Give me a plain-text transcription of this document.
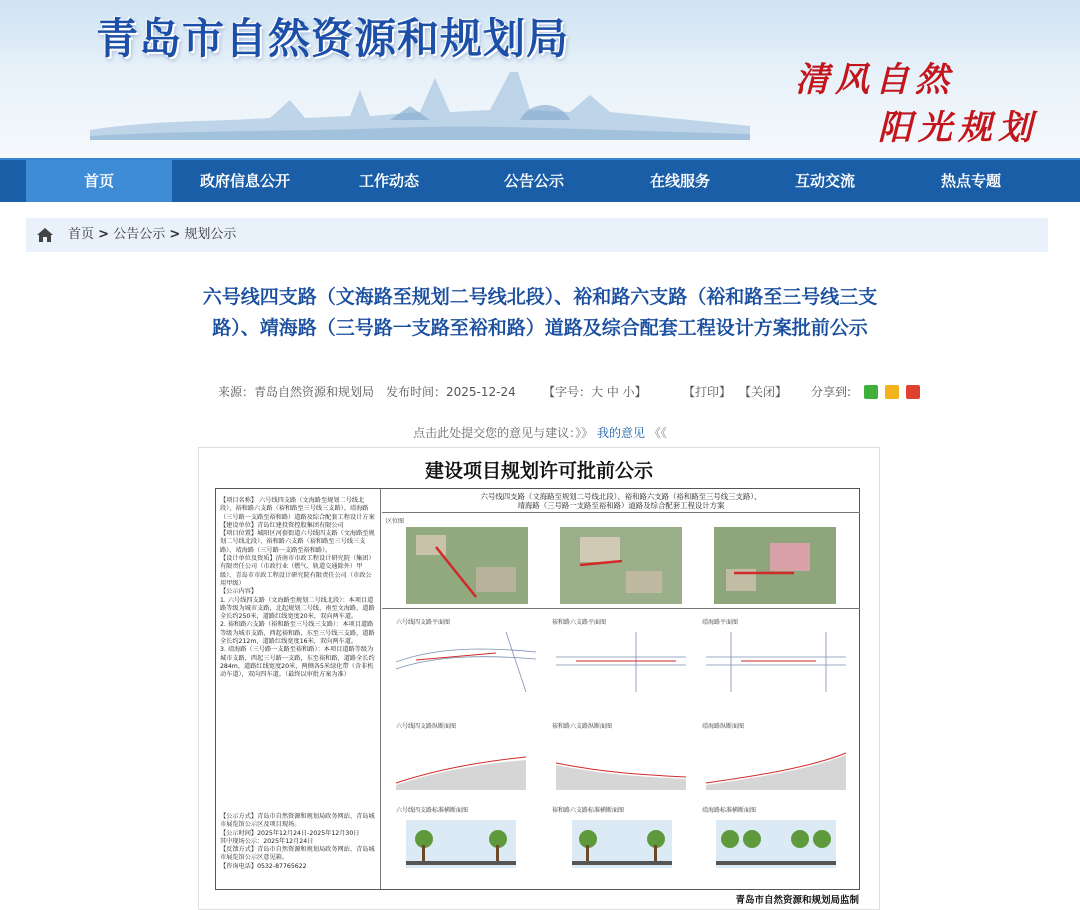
青岛市自然资源和规划局
清风自然
阳光规划
首页	政府信息公开	工作动态	公告公示	在线服务	互动交流	热点专题
首页 > 公告公示 > 规划公示
六号线四支路（文海路至规划二号线北段）、裕和路六支路（裕和路至三号线三支路）、靖海路（三号路一支路至裕和路）道路及综合配套工程设计方案批前公示
来源：青岛自然资源和规划局 发布时间：2025-12-24 【字号：大 中 小】	【打印】 【关闭】 分享到:

点击此处提交您的意见与建议：》》 我的意见 《《
建设项目规划许可批前公示
【项目名称】 六号线四支路（文海路至规划二号线北段）、裕和路六支路（裕和路至三号线三支路）、靖海路（三号路一支路至裕和路）道路及综合配套工程设计方案
【建设单位】青岛红建投资控股集团有限公司
【项目位置】城阳区河套街道六号线四支路（文海路至规划二号线北段）、裕和路六支路（裕和路至三号线三支路）、靖海路（三号路一支路至裕和路）。
【设计单位及资质】济南市市政工程设计研究院（集团）有限责任公司（市政行业（燃气、轨道交通除外）甲级）、青岛市市政工程设计研究院有限责任公司（市政公用甲级）
【公示内容】
1. 六号线四支路（文海路至规划二号线北段）：本项目道路等级为城市支路，北起规划二号线、南至文海路，道路全长约250米，道路红线宽度20米，双向两车道。
2. 裕和路六支路（裕和路至三号线三支路）：本项目道路等级为城市支路，西起裕和路，东至三号线三支路，道路全长约212m，道路红线宽度16米，双向两车道。
3. 靖海路（三号路一支路至裕和路）：本项目道路等级为城市支路，西起三号路一支路，东至裕和路，道路全长约284m，道路红线宽度20米，两侧各5米绿化带（含非机动车道），双向四车道。（最终以审批方案为准）
【公示方式】青岛市自然资源和规划局政务网站、青岛城市展览馆公示区及项目现场。
【公示时间】2025年12月24日-2025年12月30日
其中现场公示：2025年12月24日
【反馈方式】青岛市自然资源和规划局政务网站、青岛城市展览馆公示区意见箱。
【咨询电话】0532-87765622
六号线四支路（文海路至规划二号线北段）、裕和路六支路（裕和路至三号线三支路）、
靖海路（三号路一支路至裕和路）道路及综合配套工程设计方案
区位图
六号线四支路平面图	裕和路六支路平面图	靖海路平面图
六号线四支路纵断面图	裕和路六支路纵断面图	靖海路纵断面图
六号线四支路标准横断面图	裕和路六支路标准横断面图	靖海路标准横断面图
青岛市自然资源和规划局监制
